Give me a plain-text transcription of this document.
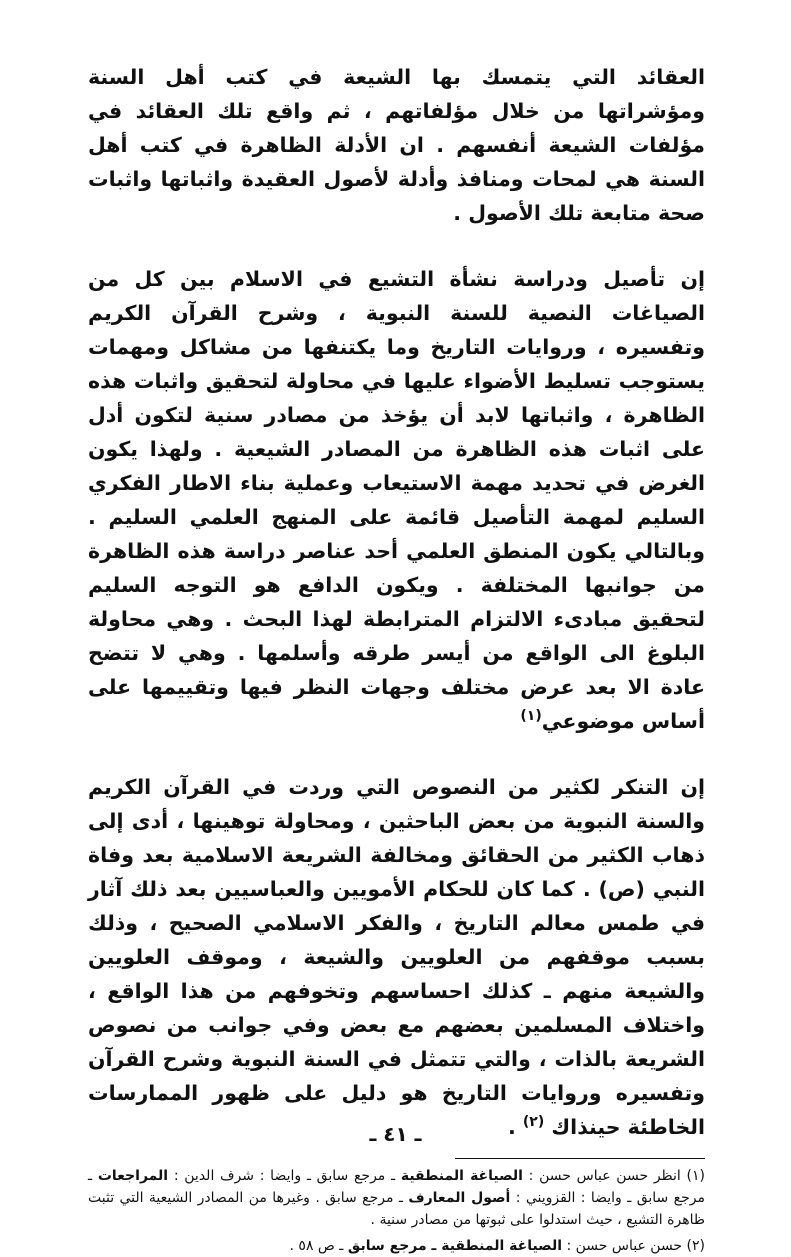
العقائد التي يتمسك بها الشيعة في كتب أهل السنة ومؤشراتها من خلال مؤلفاتهم ، ثم واقع تلك العقائد في مؤلفات الشيعة أنفسهم . ان الأدلة الظاهرة في كتب أهل السنة هي لمحات ومنافذ وأدلة لأصول العقيدة واثباتها واثبات صحة متابعة تلك الأصول .

إن تأصيل ودراسة نشأة التشيع في الاسلام بين كل من الصياغات النصية للسنة النبوية ، وشرح القرآن الكريم وتفسيره ، وروايات التاريخ وما يكتنفها من مشاكل ومهمات يستوجب تسليط الأضواء عليها في محاولة لتحقيق واثبات هذه الظاهرة ، واثباتها لابد أن يؤخذ من مصادر سنية لتكون أدل على اثبات هذه الظاهرة من المصادر الشيعية . ولهذا يكون الغرض في تحديد مهمة الاستيعاب وعملية بناء الاطار الفكري السليم لمهمة التأصيل قائمة على المنهج العلمي السليم . وبالتالي يكون المنطق العلمي أحد عناصر دراسة هذه الظاهرة من جوانبها المختلفة . ويكون الدافع هو التوجه السليم لتحقيق مبادىء الالتزام المترابطة لهذا البحث . وهي محاولة البلوغ الى الواقع من أيسر طرقه وأسلمها . وهي لا تتضح عادة الا بعد عرض مختلف وجهات النظر فيها وتقييمها على أساس موضوعي$^{(١)}$

إن التنكر لكثير من النصوص التي وردت في القرآن الكريم والسنة النبوية من بعض الباحثين ، ومحاولة توهينها ، أدى إلى ذهاب الكثير من الحقائق ومخالفة الشريعة الاسلامية بعد وفاة النبي (ص) . كما كان للحكام الأمويين والعباسيين بعد ذلك آثار في طمس معالم التاريخ ، والفكر الاسلامي الصحيح ، وذلك بسبب موقفهم من العلويين والشيعة ، وموقف العلويين والشيعة منهم ـ كذلك احساسهم وتخوفهم من هذا الواقع ، واختلاف المسلمين بعضهم مع بعض وفي جوانب من نصوص الشريعة بالذات ، والتي تتمثل في السنة النبوية وشرح القرآن وتفسيره وروايات التاريخ هو دليل على ظهور الممارسات الخاطئة حينذاك $^{(٢)}$ .

(١) انظر حسن عباس حسن : الصياغة المنطقية ـ مرجع سابق ـ وايضا : شرف الدين : المراجعات ـ مرجع سابق ـ وايضا : القزويني : أصول المعارف ـ مرجع سابق . وغيرها من المصادر الشيعية التي تثبت ظاهرة التشيع ، حيث استدلوا على ثبوتها من مصادر سنية .

(٢) حسن عباس حسن : الصياغة المنطقية ـ مرجع سابق ـ ص ٥٨ .

ـ ٤١ ـ
